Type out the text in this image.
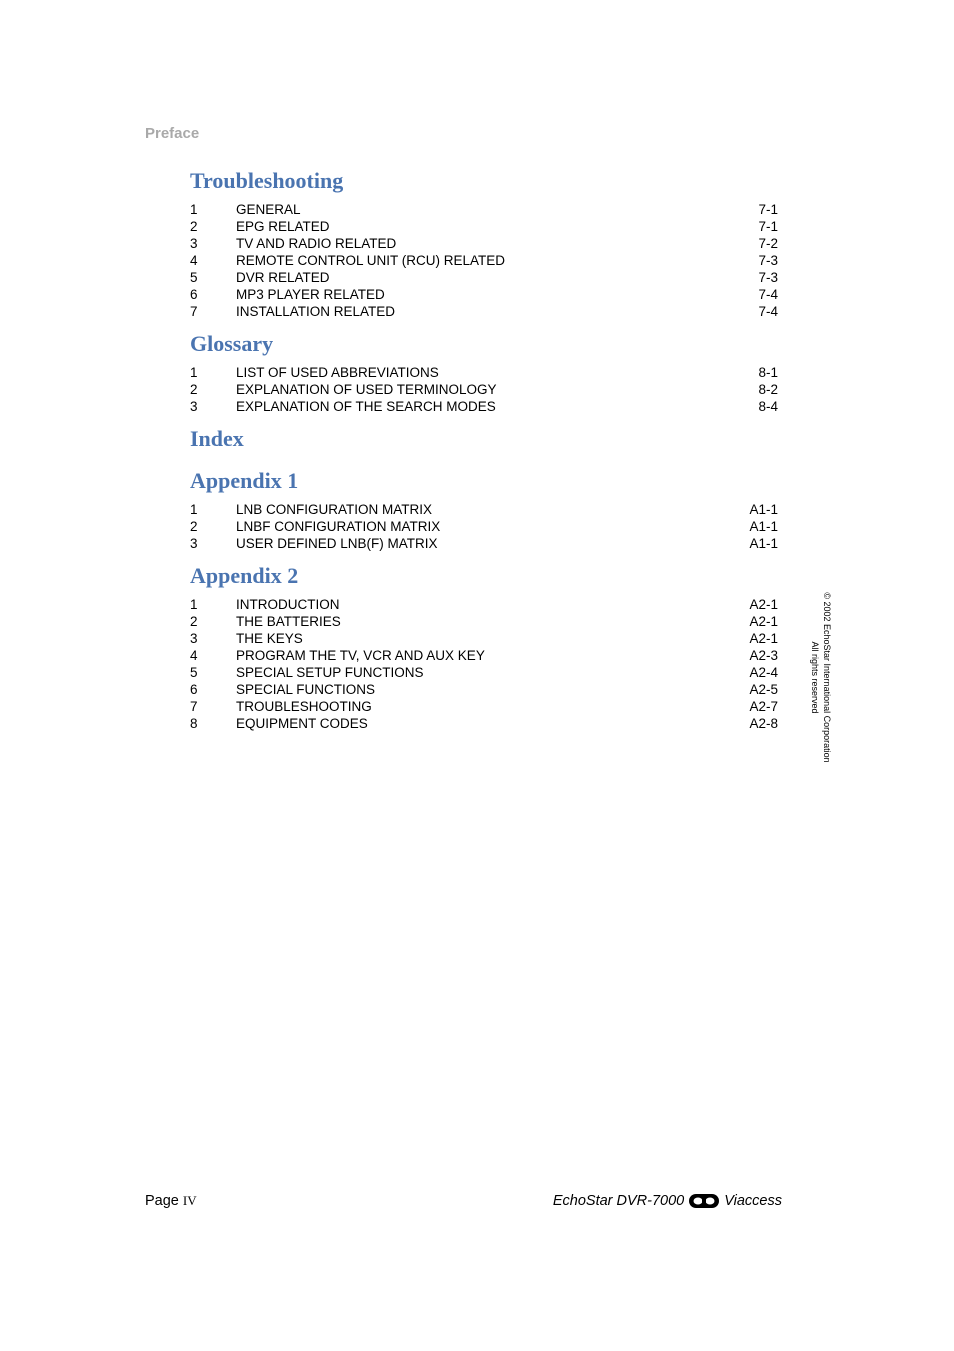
Preface
Troubleshooting
1	GENERAL	7-1
2	EPG RELATED	7-1
3	TV AND RADIO RELATED	7-2
4	REMOTE CONTROL UNIT (RCU) RELATED	7-3
5	DVR RELATED	7-3
6	MP3 PLAYER RELATED	7-4
7	INSTALLATION RELATED	7-4
Glossary
1	LIST OF USED ABBREVIATIONS	8-1
2	EXPLANATION OF USED TERMINOLOGY	8-2
3	EXPLANATION OF THE SEARCH MODES	8-4
Index
Appendix 1
1	LNB CONFIGURATION MATRIX	A1-1
2	LNBF CONFIGURATION MATRIX	A1-1
3	USER DEFINED LNB(F) MATRIX	A1-1
Appendix 2
1	INTRODUCTION	A2-1
2	THE BATTERIES	A2-1
3	THE KEYS	A2-1
4	PROGRAM THE TV, VCR AND AUX KEY	A2-3
5	SPECIAL SETUP FUNCTIONS	A2-4
6	SPECIAL FUNCTIONS	A2-5
7	TROUBLESHOOTING	A2-7
8	EQUIPMENT CODES	A2-8	© 2002 EchoStar International Corporation
All rights reserved
Page IV	EchoStar DVR-7000	Viaccess
